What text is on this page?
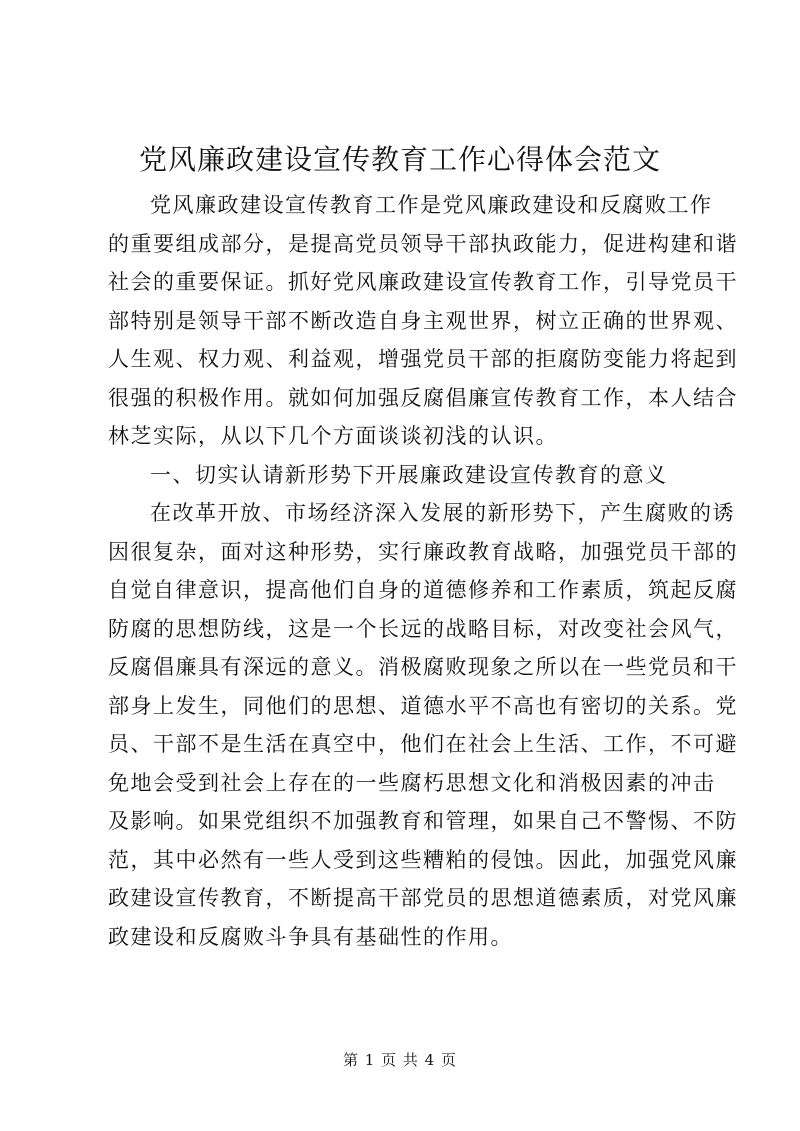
党风廉政建设宣传教育工作心得体会范文
党风廉政建设宣传教育工作是党风廉政建设和反腐败工作
的重要组成部分，是提高党员领导干部执政能力，促进构建和谐
社会的重要保证。抓好党风廉政建设宣传教育工作，引导党员干
部特别是领导干部不断改造自身主观世界，树立正确的世界观、
人生观、权力观、利益观，增强党员干部的拒腐防变能力将起到
很强的积极作用。就如何加强反腐倡廉宣传教育工作，本人结合
林芝实际，从以下几个方面谈谈初浅的认识。
一、切实认请新形势下开展廉政建设宣传教育的意义
在改革开放、市场经济深入发展的新形势下，产生腐败的诱
因很复杂，面对这种形势，实行廉政教育战略，加强党员干部的
自觉自律意识，提高他们自身的道德修养和工作素质，筑起反腐
防腐的思想防线，这是一个长远的战略目标，对改变社会风气，
反腐倡廉具有深远的意义。消极腐败现象之所以在一些党员和干
部身上发生，同他们的思想、道德水平不高也有密切的关系。党
员、干部不是生活在真空中，他们在社会上生活、工作，不可避
免地会受到社会上存在的一些腐朽思想文化和消极因素的冲击
及影响。如果党组织不加强教育和管理，如果自己不警惕、不防
范，其中必然有一些人受到这些糟粕的侵蚀。因此，加强党风廉
政建设宣传教育，不断提高干部党员的思想道德素质，对党风廉
政建设和反腐败斗争具有基础性的作用。
第 1 页 共 4 页
